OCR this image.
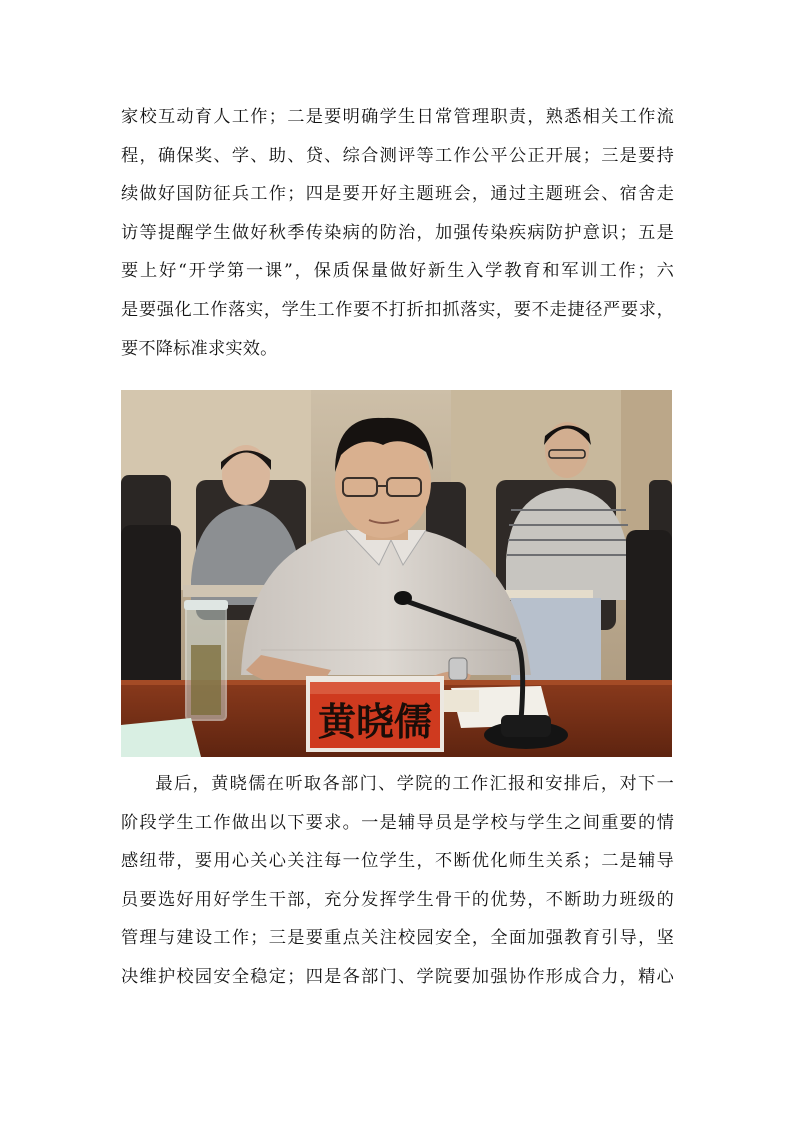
家校互动育人工作；二是要明确学生日常管理职责，熟悉相关工作流
程，确保奖、学、助、贷、综合测评等工作公平公正开展；三是要持
续做好国防征兵工作；四是要开好主题班会，通过主题班会、宿舍走
访等提醒学生做好秋季传染病的防治，加强传染疾病防护意识；五是
要上好“开学第一课”，保质保量做好新生入学教育和军训工作；六
是要强化工作落实，学生工作要不打折扣抓落实，要不走捷径严要求，
要不降标准求实效。
黄晓儒
最后，黄晓儒在听取各部门、学院的工作汇报和安排后，对下一
阶段学生工作做出以下要求。一是辅导员是学校与学生之间重要的情
感纽带，要用心关心关注每一位学生，不断优化师生关系；二是辅导
员要选好用好学生干部，充分发挥学生骨干的优势，不断助力班级的
管理与建设工作；三是要重点关注校园安全，全面加强教育引导，坚
决维护校园安全稳定；四是各部门、学院要加强协作形成合力，精心
